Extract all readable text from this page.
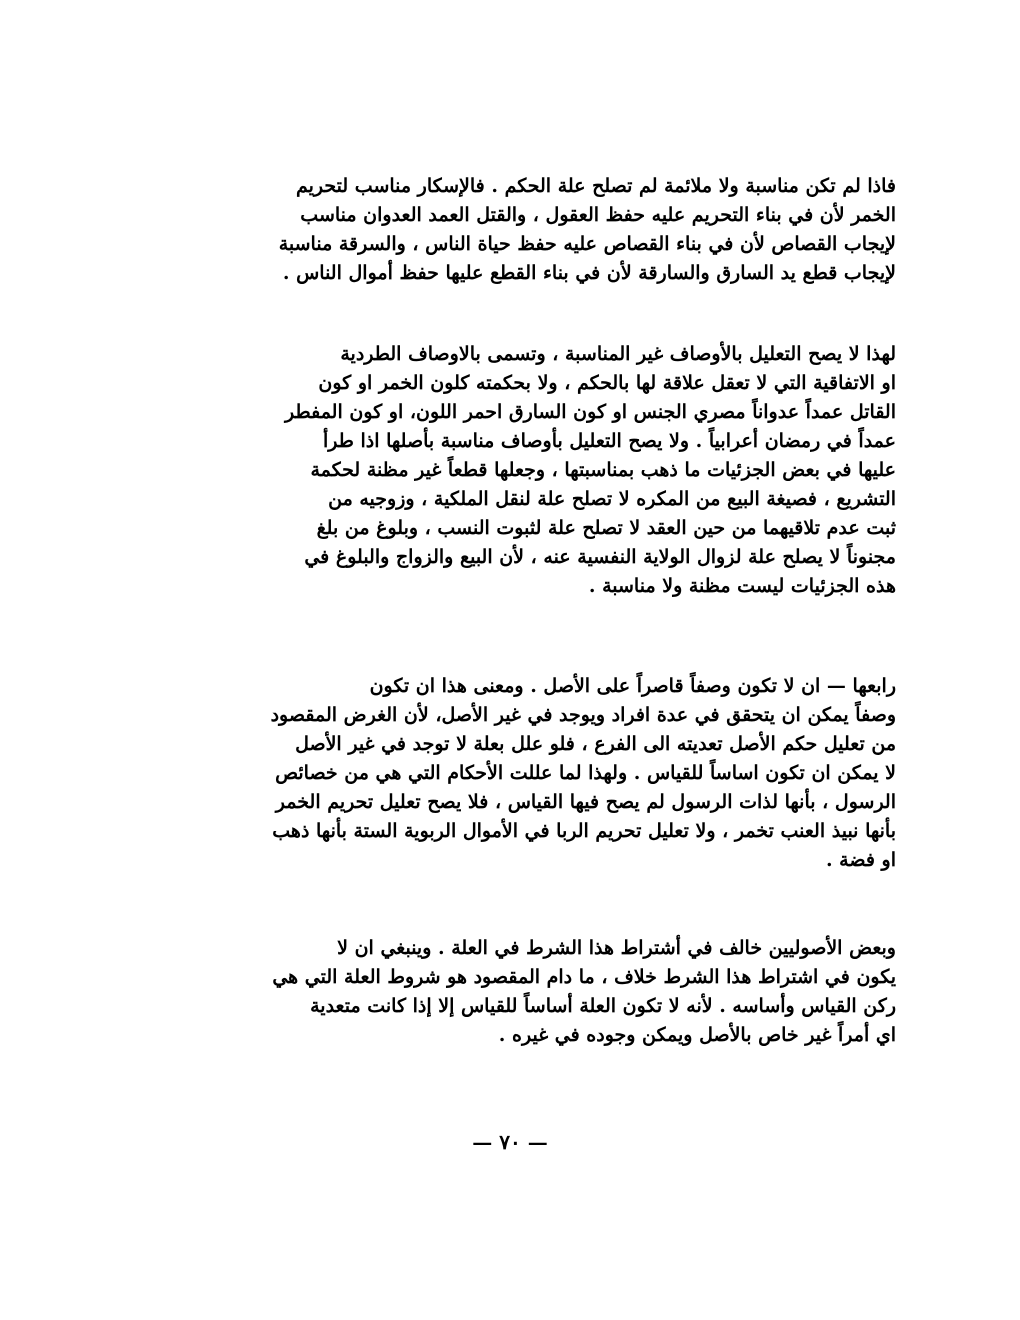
فاذا لم تكن مناسبة ولا ملائمة لم تصلح علة الحكم . فالإسكار مناسب لتحريم
الخمر لأن في بناء التحريم عليه حفظ العقول ، والقتل العمد العدوان مناسب
لإيجاب القصاص لأن في بناء القصاص عليه حفظ حياة الناس ، والسرقة مناسبة
لإيجاب قطع يد السارق والسارقة لأن في بناء القطع عليها حفظ أموال الناس .
لهذا لا يصح التعليل بالأوصاف غير المناسبة ، وتسمى بالاوصاف الطردية
او الاتفاقية التي لا تعقل علاقة لها بالحكم ، ولا بحكمته كلون الخمر او كون
القاتل عمداً عدواناً مصري الجنس او كون السارق احمر اللون، او كون المفطر
عمداً في رمضان أعرابياً . ولا يصح التعليل بأوصاف مناسبة بأصلها اذا طرأ
عليها في بعض الجزئيات ما ذهب بمناسبتها ، وجعلها قطعاً غير مظنة لحكمة
التشريع ، فصيغة البيع من المكره لا تصلح علة لنقل الملكية ، وزوجيه من
ثبت عدم تلاقيهما من حين العقد لا تصلح علة لثبوت النسب ، وبلوغ من بلغ
مجنوناً لا يصلح علة لزوال الولاية النفسية عنه ، لأن البيع والزواج والبلوغ في
هذه الجزئيات ليست مظنة ولا مناسبة .
رابعها — ان لا تكون وصفاً قاصراً على الأصل . ومعنى هذا ان تكون
وصفاً يمكن ان يتحقق في عدة افراد ويوجد في غير الأصل، لأن الغرض المقصود
من تعليل حكم الأصل تعديته الى الفرع ، فلو علل بعلة لا توجد في غير الأصل
لا يمكن ان تكون اساساً للقياس . ولهذا لما عللت الأحكام التي هي من خصائص
الرسول ، بأنها لذات الرسول لم يصح فيها القياس ، فلا يصح تعليل تحريم الخمر
بأنها نبيذ العنب تخمر ، ولا تعليل تحريم الربا في الأموال الربوية الستة بأنها ذهب
او فضة .
وبعض الأصوليين خالف في أشتراط هذا الشرط في العلة . وينبغي ان لا
يكون في اشتراط هذا الشرط خلاف ، ما دام المقصود هو شروط العلة التي هي
ركن القياس وأساسه . لأنه لا تكون العلة أساساً للقياس إلا إذا كانت متعدية
اي أمراً غير خاص بالأصل ويمكن وجوده في غيره .
— ٧٠ —
